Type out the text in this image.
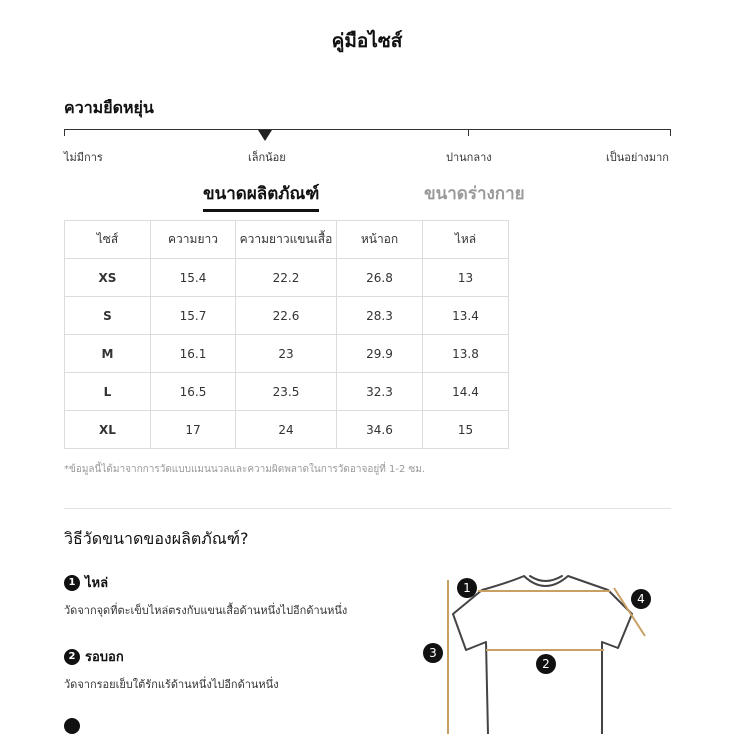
คู่มือไซส์
ความยืดหยุ่น
ไม่มีการ	เล็กน้อย	ปานกลาง	เป็นอย่างมาก
ขนาดผลิตภัณฑ์	ขนาดร่างกาย
ไซส์	ความยาว	ความยาวแขนเสื้อ	หน้าอก	ไหล่
XS	15.4	22.2	26.8	13
S	15.7	22.6	28.3	13.4
M	16.1	23	29.9	13.8
L	16.5	23.5	32.3	14.4
XL	17	24	34.6	15
*ข้อมูลนี้ได้มาจากการวัดแบบแมนนวลและความผิดพลาดในการวัดอาจอยู่ที่ 1-2 ซม.
วิธีวัดขนาดของผลิตภัณฑ์?
1 ไหล่
วัดจากจุดที่ตะเข็บไหล่ตรงกับแขนเสื้อด้านหนึ่งไปอีกด้านหนึ่ง
2 รอบอก
วัดจากรอยเย็บใต้รักแร้ด้านหนึ่งไปอีกด้านหนึ่ง
1
2
3
4
